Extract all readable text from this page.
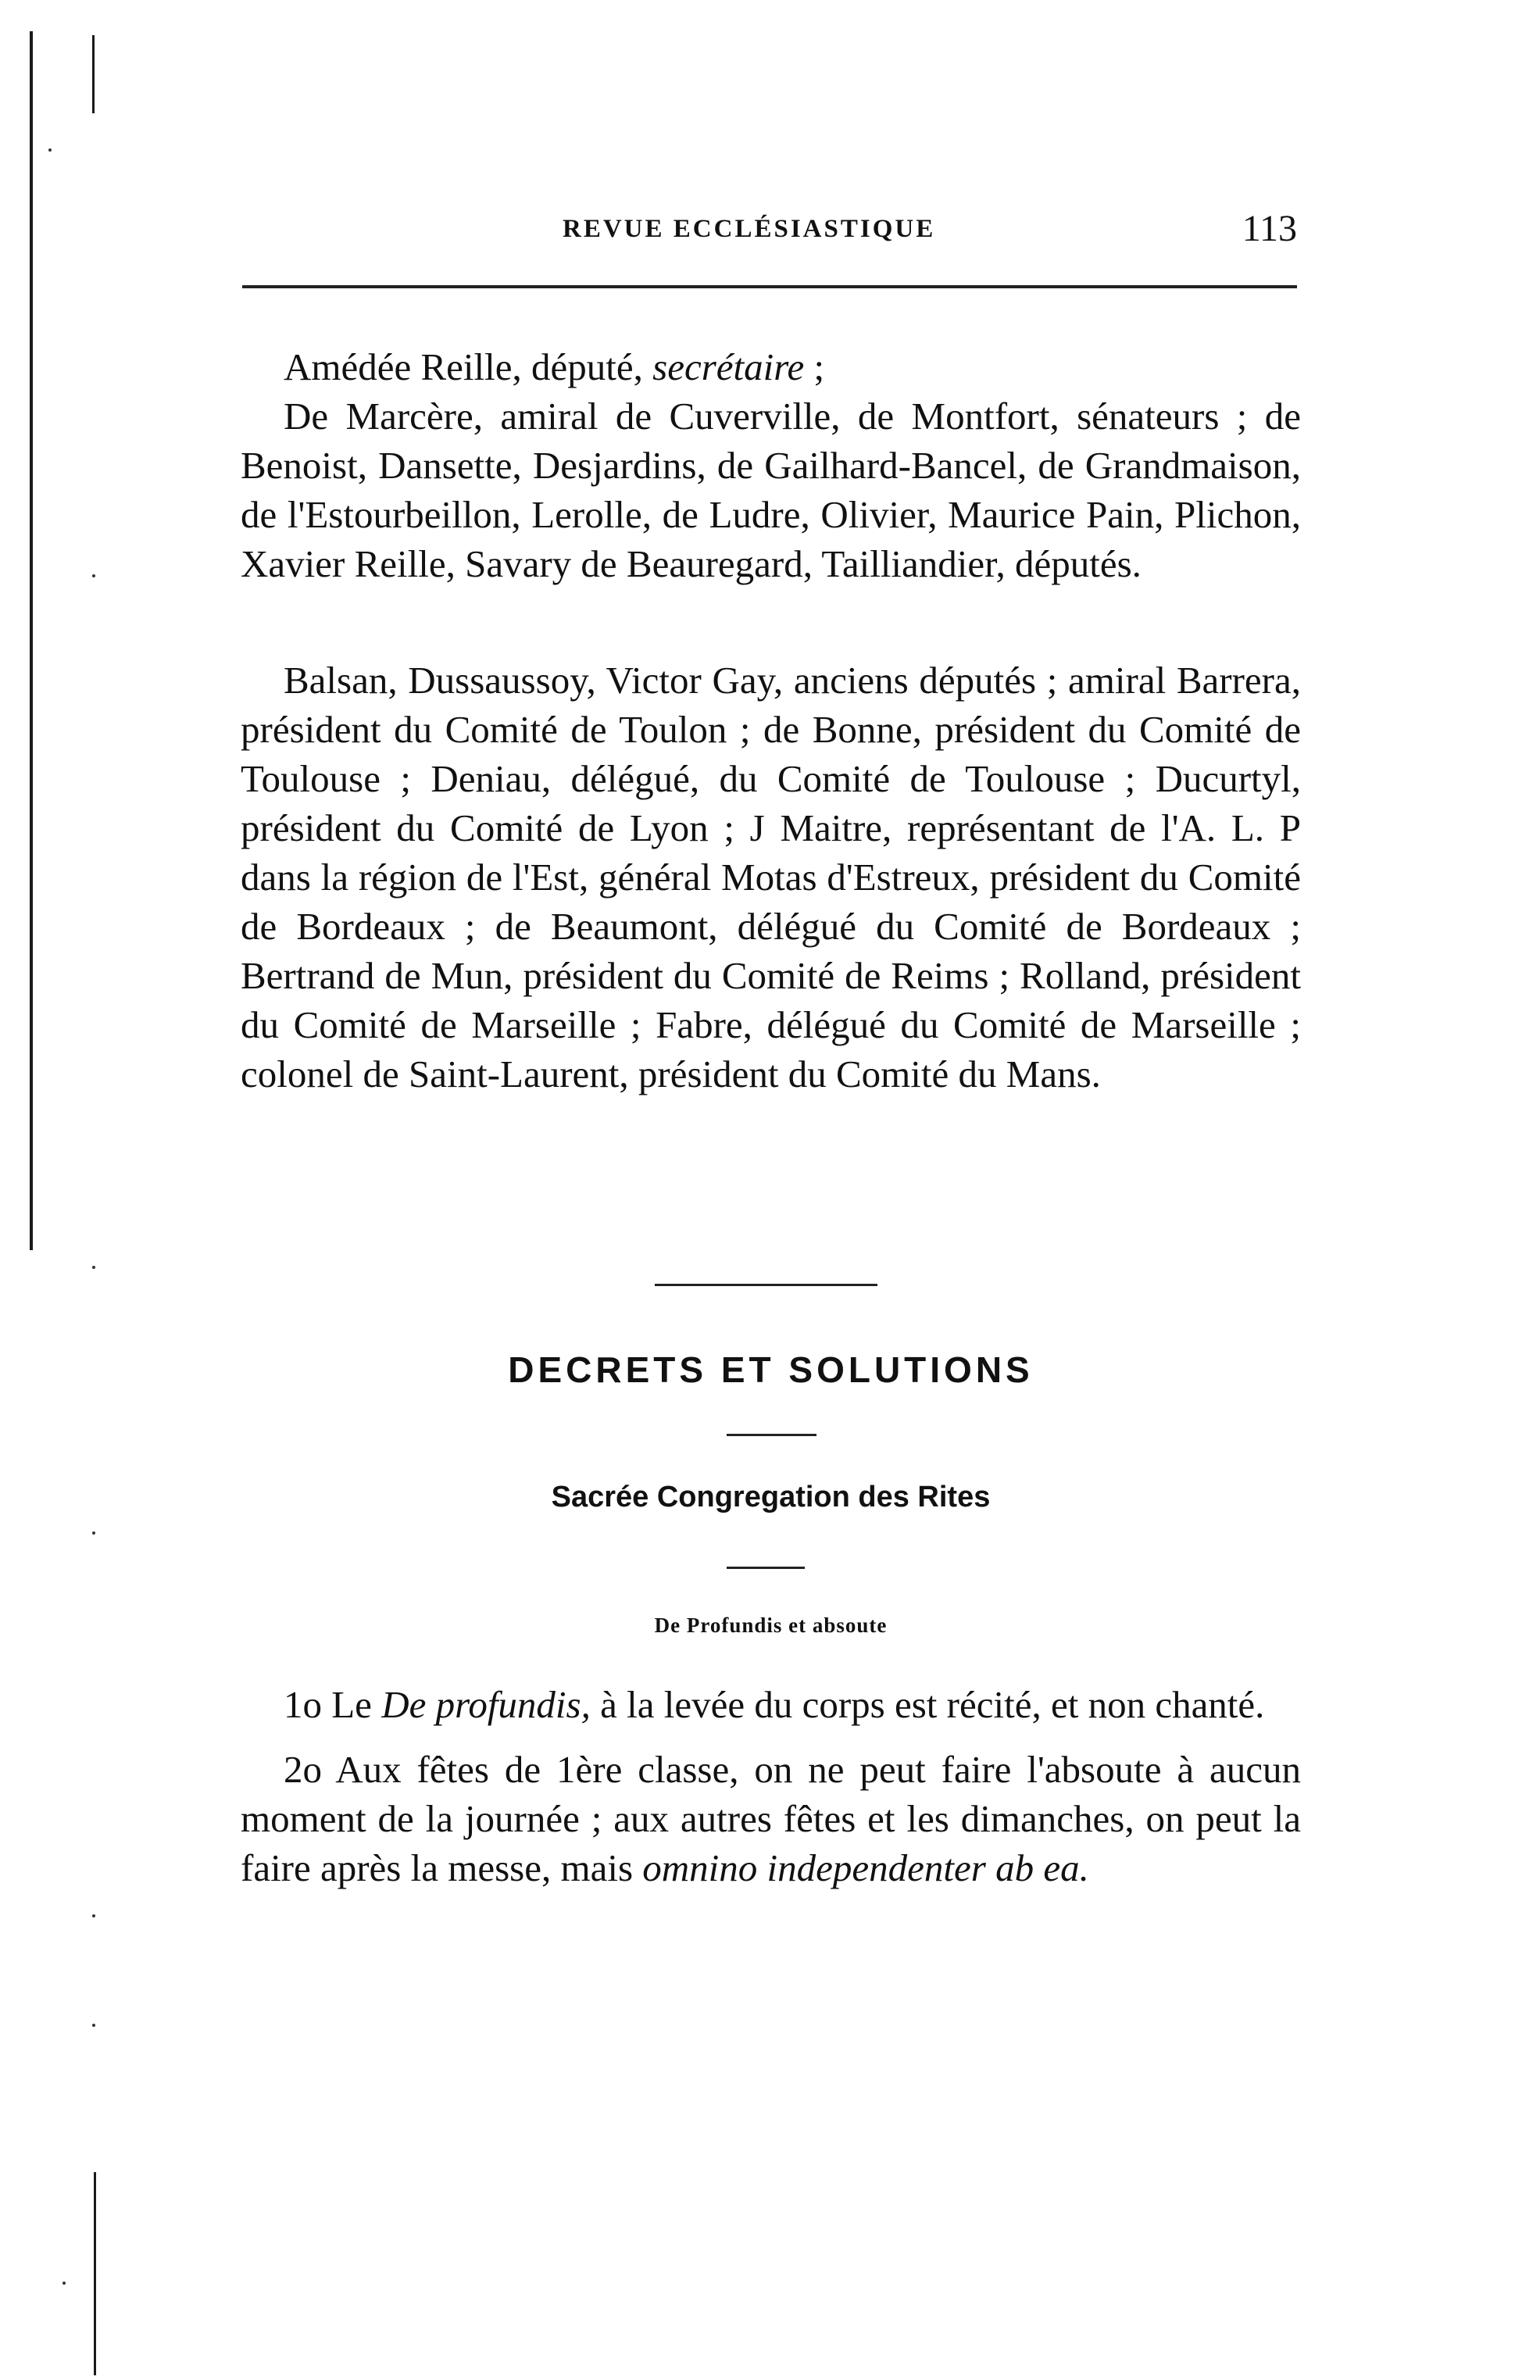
REVUE ECCLÉSIASTIQUE	113

Amédée Reille, député, secrétaire ;

De Marcère, amiral de Cuverville, de Montfort, sénateurs ; de Benoist, Dansette, Desjardins, de Gailhard-Bancel, de Grandmaison, de l'Estourbeillon, Lerolle, de Ludre, Olivier, Maurice Pain, Plichon, Xavier Reille, Savary de Beauregard, Tailliandier, députés.

Balsan, Dussaussoy, Victor Gay, anciens députés ; amiral Barrera, président du Comité de Toulon ; de Bonne, président du Comité de Toulouse ; Deniau, délégué, du Comité de Toulouse ; Ducurtyl, président du Comité de Lyon ; J Maitre, représentant de l'A. L. P dans la région de l'Est, général Motas d'Estreux, président du Comité de Bordeaux ; de Beaumont, délégué du Comité de Bordeaux ; Bertrand de Mun, président du Comité de Reims ; Rolland, président du Comité de Marseille ; Fabre, délégué du Comité de Marseille ; colonel de Saint-Laurent, président du Comité du Mans.

DECRETS ET SOLUTIONS
Sacrée Congregation des Rites
De Profundis et absoute

1o Le De profundis, à la levée du corps est récité, et non chanté.

2o Aux fêtes de 1ère classe, on ne peut faire l'absoute à aucun moment de la journée ; aux autres fêtes et les dimanches, on peut la faire après la messe, mais omnino independenter ab ea.
